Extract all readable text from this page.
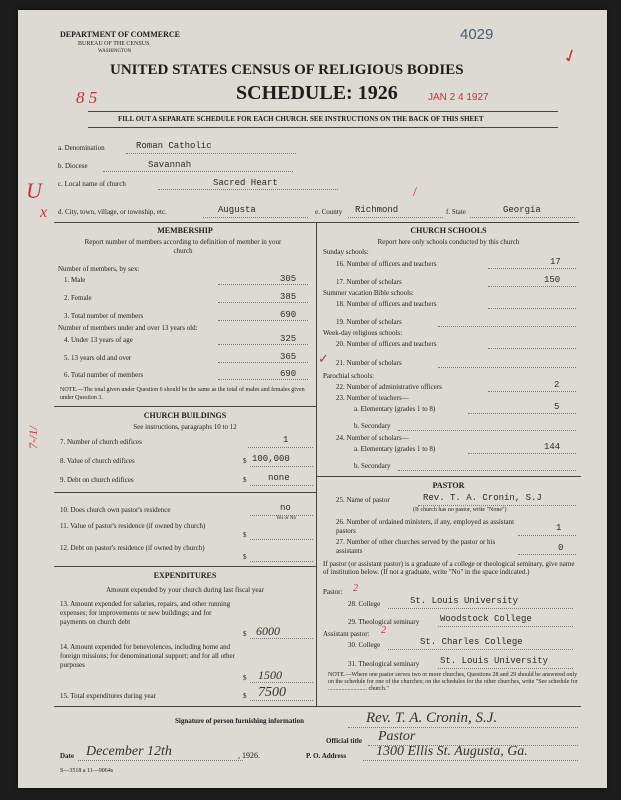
DEPARTMENT OF COMMERCE
BUREAU OF THE CENSUS
WASHINGTON
4029
UNITED STATES CENSUS OF RELIGIOUS BODIES
8 5	SCHEDULE: 1926	JAN 2 4 1927
✓
FILL OUT A SEPARATE SCHEDULE FOR EACH CHURCH. SEE INSTRUCTIONS ON THE BACK OF THIS SHEET
a. Denomination	Roman Catholic
b. Diocese	Savannah
c. Local name of church	Sacred Heart
U
x d. City, town, village, or township, etc.	Augusta	e. County Richmond
/
f. State	Georgia
MEMBERSHIP
Report number of members according to definition of member in your church
Number of members, by sex:
1. Male	305
2. Female	385
3. Total number of members	690
Number of members under and over 13 years old:
4. Under 13 years of age	325
5. 13 years old and over	365
6. Total number of members	690
NOTE.—The total given under Question 6 should be the same as the total of males and females given under Question 3.
7-/1/
CHURCH BUILDINGS
See instructions, paragraphs 10 to 12
7. Number of church edifices	1
8. Value of church edifices	$ 100,000
9. Debt on church edifices	$ none
10. Does church own pastor's residence	no
Yes or No
11. Value of pastor's residence (if owned by church)
$
12. Debt on pastor's residence (if owned by church)
$
EXPENDITURES
Amount expended by your church during last fiscal year
13. Amount expended for salaries, repairs, and other running expenses; for improvements or new buildings; and for payments on church debt
$ 6000
14. Amount expended for benevolences, including home and foreign missions; for denominational support; and for all other purposes
$ 1500
15. Total expenditures during year	$ 7500
CHURCH SCHOOLS
Report here only schools conducted by this church
Sunday schools:
16. Number of officers and teachers	17
17. Number of scholars	150
Summer vacation Bible schools:
18. Number of officers and teachers
19. Number of scholars
Week-day religious schools:
20. Number of officers and teachers
✓ 21. Number of scholars
Parochial schools:
22. Number of administrative officers	2
23. Number of teachers—
a. Elementary (grades 1 to 8)	5
b. Secondary
24. Number of scholars—
a. Elementary (grades 1 to 8)	144
b. Secondary
PASTOR
25. Name of pastor	Rev. T. A. Cronin, S.J
(If church has no pastor, write "None")
26. Number of ordained ministers, if any, employed as assistant pastors	1
27. Number of other churches served by the pastor or his assistants	0
If pastor (or assistant pastor) is a graduate of a college or theological seminary, give name of institution below. (If not a graduate, write "No" in the space indicated.)
Pastor: 2
28. College	St. Louis University
29. Theological seminary Woodstock College
Assistant pastor: 2
30. College	St. Charles College
31. Theological seminary St. Louis University
NOTE.—Where one pastor serves two or more churches, Questions 28 and 29 should be answered only on the schedule for one of the churches; on the schedules for the other churches, write "See schedule for .......................... church."
Signature of person furnishing information	Rev. T. A. Cronin, S.J.
Official title Pastor
Date December 12th	, 1926.	P. O. Address 1300 Ellis St. Augusta, Ga.
S—3518 a 11—9064s
